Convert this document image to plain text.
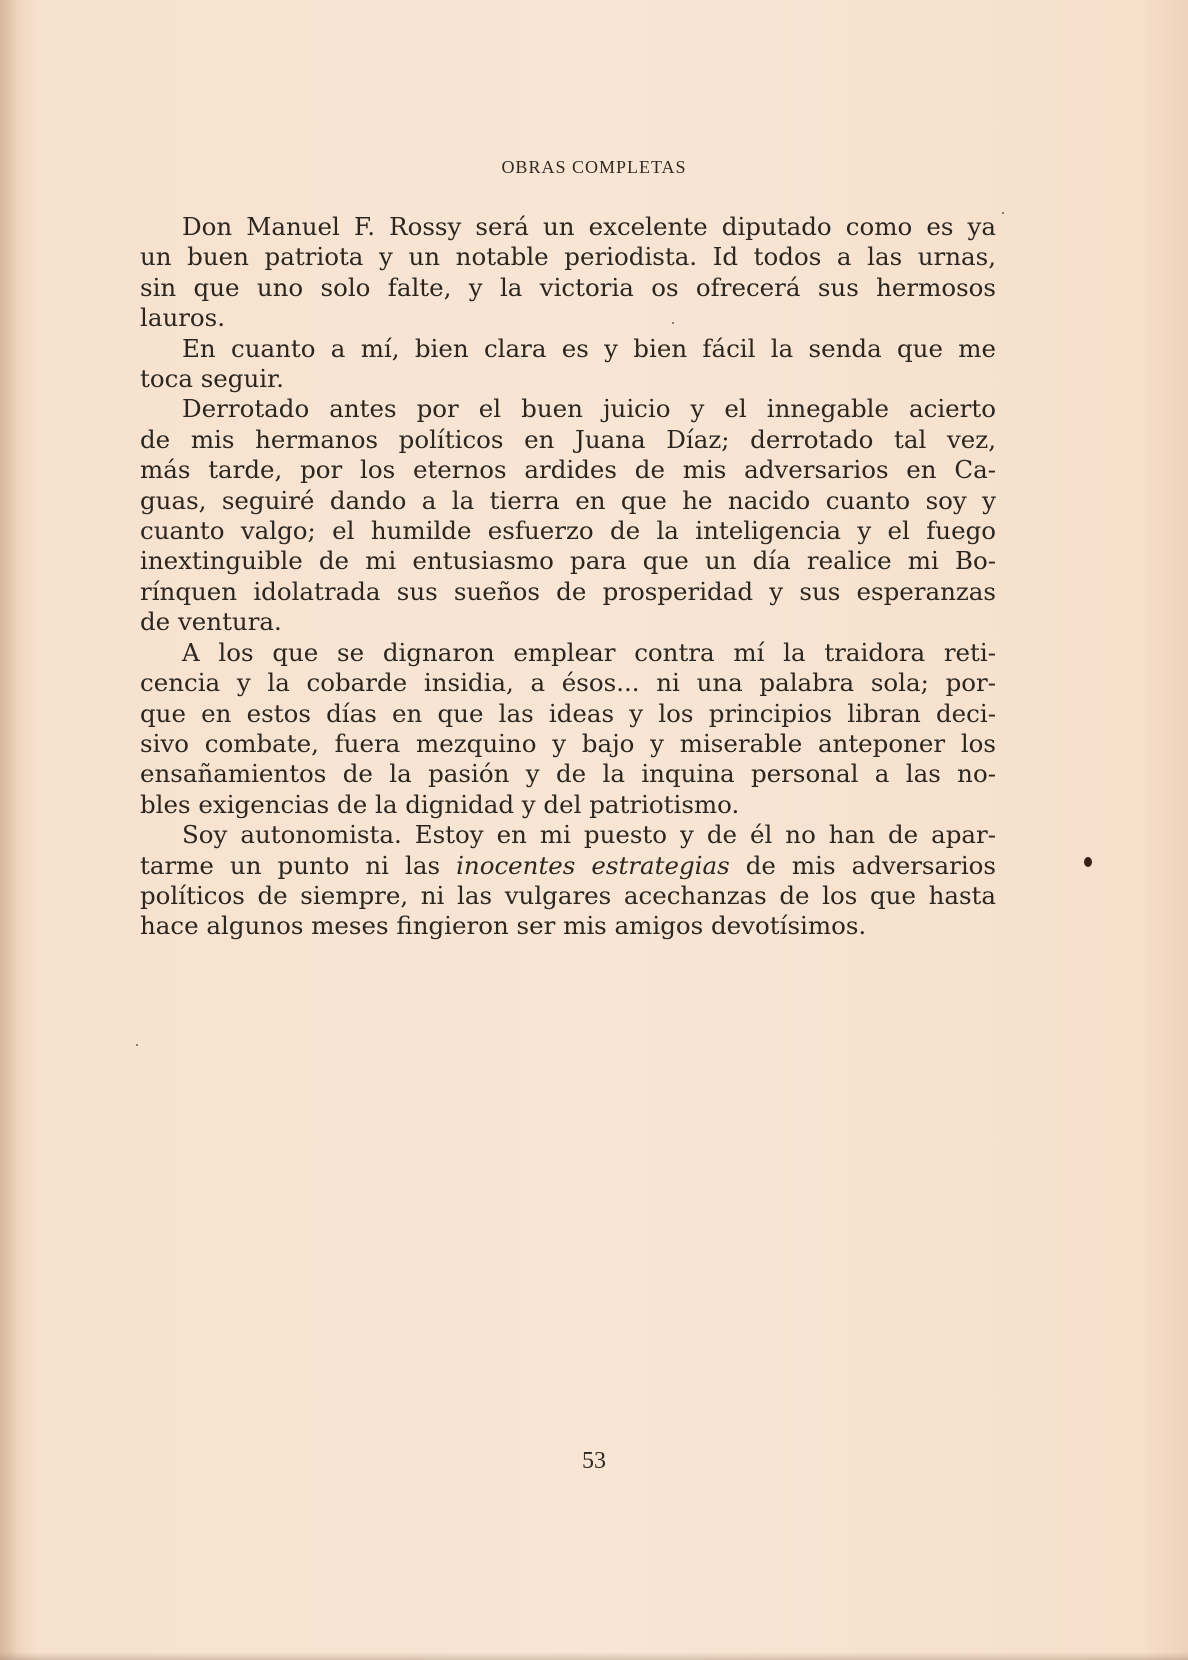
OBRAS COMPLETAS

Don Manuel F. Rossy será un excelente diputado como es ya
un buen patriota y un notable periodista. Id todos a las urnas,
sin que uno solo falte, y la victoria os ofrecerá sus hermosos
lauros.

En cuanto a mí, bien clara es y bien fácil la senda que me
toca seguir.

Derrotado antes por el buen juicio y el innegable acierto
de mis hermanos políticos en Juana Díaz; derrotado tal vez,
más tarde, por los eternos ardides de mis adversarios en Ca-
guas, seguiré dando a la tierra en que he nacido cuanto soy y
cuanto valgo; el humilde esfuerzo de la inteligencia y el fuego
inextinguible de mi entusiasmo para que un día realice mi Bo-
rínquen idolatrada sus sueños de prosperidad y sus esperanzas
de ventura.

A los que se dignaron emplear contra mí la traidora reti-
cencia y la cobarde insidia, a ésos... ni una palabra sola; por-
que en estos días en que las ideas y los principios libran deci-
sivo combate, fuera mezquino y bajo y miserable anteponer los
ensañamientos de la pasión y de la inquina personal a las no-
bles exigencias de la dignidad y del patriotismo.

Soy autonomista. Estoy en mi puesto y de él no han de apar-
tarme un punto ni las inocentes estrategias de mis adversarios
políticos de siempre, ni las vulgares acechanzas de los que hasta
hace algunos meses fingieron ser mis amigos devotísimos.

53
